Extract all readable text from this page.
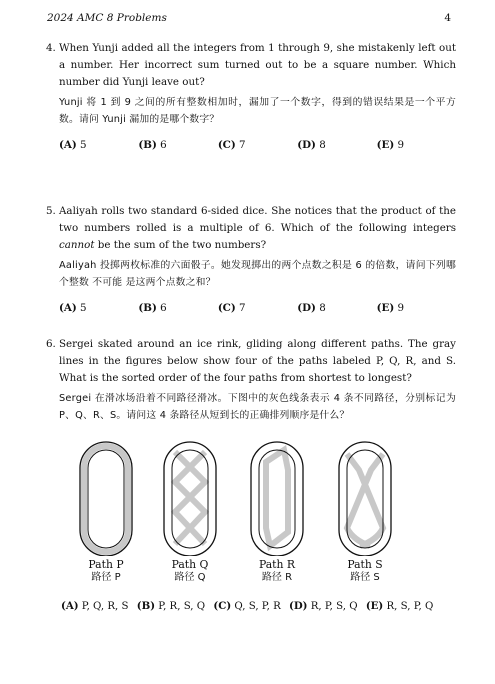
2024 AMC 8 Problems	4
4. When Yunji added all the integers from 1 through 9, she mistakenly left out a number. Her incorrect sum turned out to be a square number. Which number did Yunji leave out?

Yunji 将 1 到 9 之间的所有整数相加时，漏加了一个数字，得到的错误结果是一个平方数。请问 Yunji 漏加的是哪个数字？

(A) 5	(B) 6	(C) 7	(D) 8	(E) 9
5. Aaliyah rolls two standard 6-sided dice. She notices that the product of the two numbers rolled is a multiple of 6. Which of the following integers cannot be the sum of the two numbers?

Aaliyah 投掷两枚标准的六面骰子。她发现掷出的两个点数之积是 6 的倍数，请问下列哪个整数 不可能 是这两个点数之和？

(A) 5	(B) 6	(C) 7	(D) 8	(E) 9
6. Sergei skated around an ice rink, gliding along different paths. The gray lines in the figures below show four of the paths labeled P, Q, R, and S. What is the sorted order of the four paths from shortest to longest?

Sergei 在滑冰场沿着不同路径滑冰。下图中的灰色线条表示 4 条不同路径，分别标记为 P、Q、R、S。请问这 4 条路径从短到长的正确排列顺序是什么？

Path P
路径 P
Path Q
路径 Q
Path R
路径 R
Path S
路径 S
(A) P, Q, R, S (B) P, R, S, Q (C) Q, S, P, R (D) R, P, S, Q (E) R, S, P, Q
